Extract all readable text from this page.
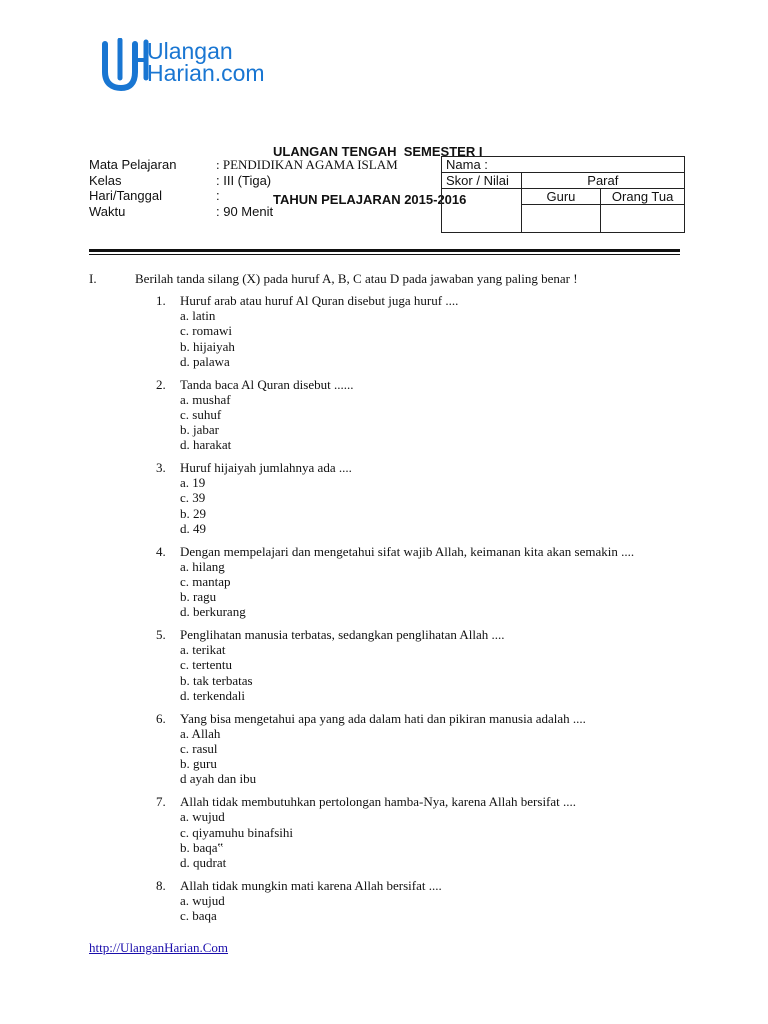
Ulangan
Harian.com

ULANGAN TENGAH  SEMESTER I

TAHUN PELAJARAN 2015-2016

Mata Pelajaran	: PENDIDIKAN AGAMA ISLAM
Kelas	: III (Tiga)
Hari/Tanggal	:
Waktu	: 90 Menit
Nama :		
Skor / Nilai	Paraf	
	Guru	Orang Tua

I.	Berilah tanda silang (X) pada huruf A, B, C atau D pada jawaban yang paling benar !
1. Huruf arab atau huruf Al Quran disebut juga huruf ....
a. latin
c. romawi
b. hijaiyah
d. palawa
2. Tanda baca Al Quran disebut ......
a. mushaf
c. suhuf
b. jabar
d. harakat
3. Huruf hijaiyah jumlahnya ada ....
a. 19
c. 39
b. 29
d. 49
4. Dengan mempelajari dan mengetahui sifat wajib Allah, keimanan kita akan semakin ....
a. hilang
c. mantap
b. ragu
d. berkurang
5. Penglihatan manusia terbatas, sedangkan penglihatan Allah ....
a. terikat
c. tertentu
b. tak terbatas
d. terkendali
6. Yang bisa mengetahui apa yang ada dalam hati dan pikiran manusia adalah ....
a. Allah
c. rasul
b. guru
d ayah dan ibu
7. Allah tidak membutuhkan pertolongan hamba-Nya, karena Allah bersifat ....
a. wujud
c. qiyamuhu binafsihi
b. baqa‟
d. qudrat
8. Allah tidak mungkin mati karena Allah bersifat ....
a. wujud
c. baqa
http://UlanganHarian.Com
